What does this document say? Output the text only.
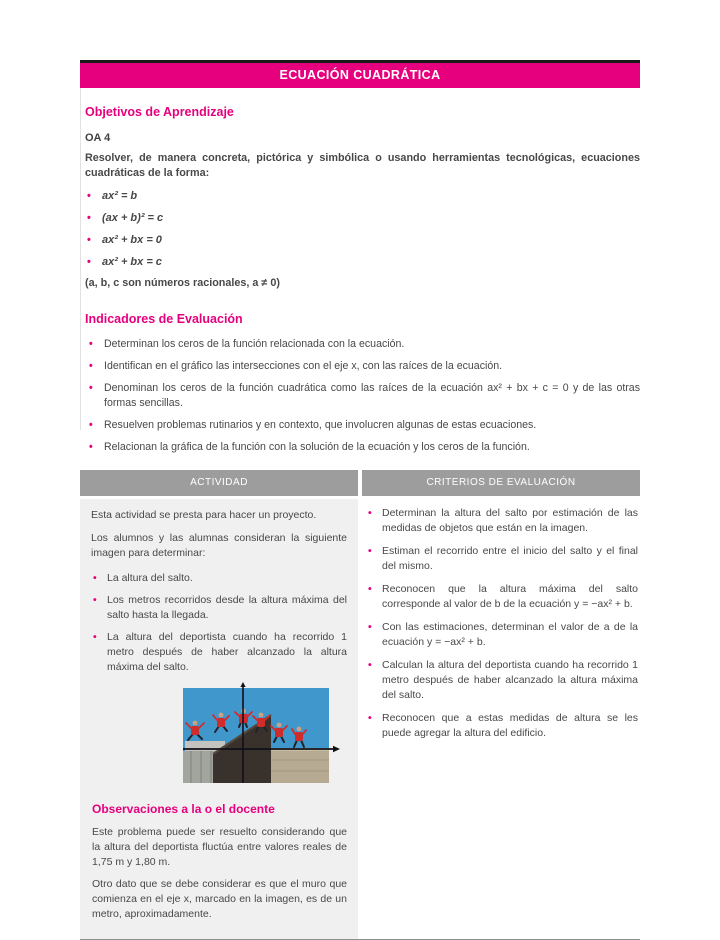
ECUACIÓN CUADRÁTICA
Objetivos de Aprendizaje

OA 4

Resolver, de manera concreta, pictórica y simbólica o usando herramientas tecnológicas, ecuaciones cuadráticas de la forma:

• ax² = b
• (ax + b)² = c
• ax² + bx = 0
• ax² + bx = c

(a, b, c son números racionales, a ≠ 0)

Indicadores de Evaluación
• Determinan los ceros de la función relacionada con la ecuación.
• Identifican en el gráfico las intersecciones con el eje x, con las raíces de la ecuación.
• Denominan los ceros de la función cuadrática como las raíces de la ecuación ax² + bx + c = 0 y de las otras formas sencillas.
• Resuelven problemas rutinarios y en contexto, que involucren algunas de estas ecuaciones.
• Relacionan la gráfica de la función con la solución de la ecuación y los ceros de la función.
ACTIVIDAD	CRITERIOS DE EVALUACIÓN

Esta actividad se presta para hacer un proyecto.

Los alumnos y las alumnas consideran la siguiente imagen para determinar:

• La altura del salto.
• Los metros recorridos desde la altura máxima del salto hasta la llegada.
• La altura del deportista cuando ha recorrido 1 metro después de haber alcanzado la altura máxima del salto.
Observaciones a la o el docente

Este problema puede ser resuelto considerando que la altura del deportista fluctúa entre valores reales de 1,75 m y 1,80 m.

Otro dato que se debe considerar es que el muro que comienza en el eje x, marcado en la imagen, es de un metro, aproximadamente.

• Determinan la altura del salto por estimación de las medidas de objetos que están en la imagen.
• Estiman el recorrido entre el inicio del salto y el final del mismo.
• Reconocen que la altura máxima del salto corresponde al valor de b de la ecuación y = −ax² + b.
• Con las estimaciones, determinan el valor de a de la ecuación y = −ax² + b.
• Calculan la altura del deportista cuando ha recorrido 1 metro después de haber alcanzado la altura máxima del salto.
• Reconocen que a estas medidas de altura se les puede agregar la altura del edificio.
